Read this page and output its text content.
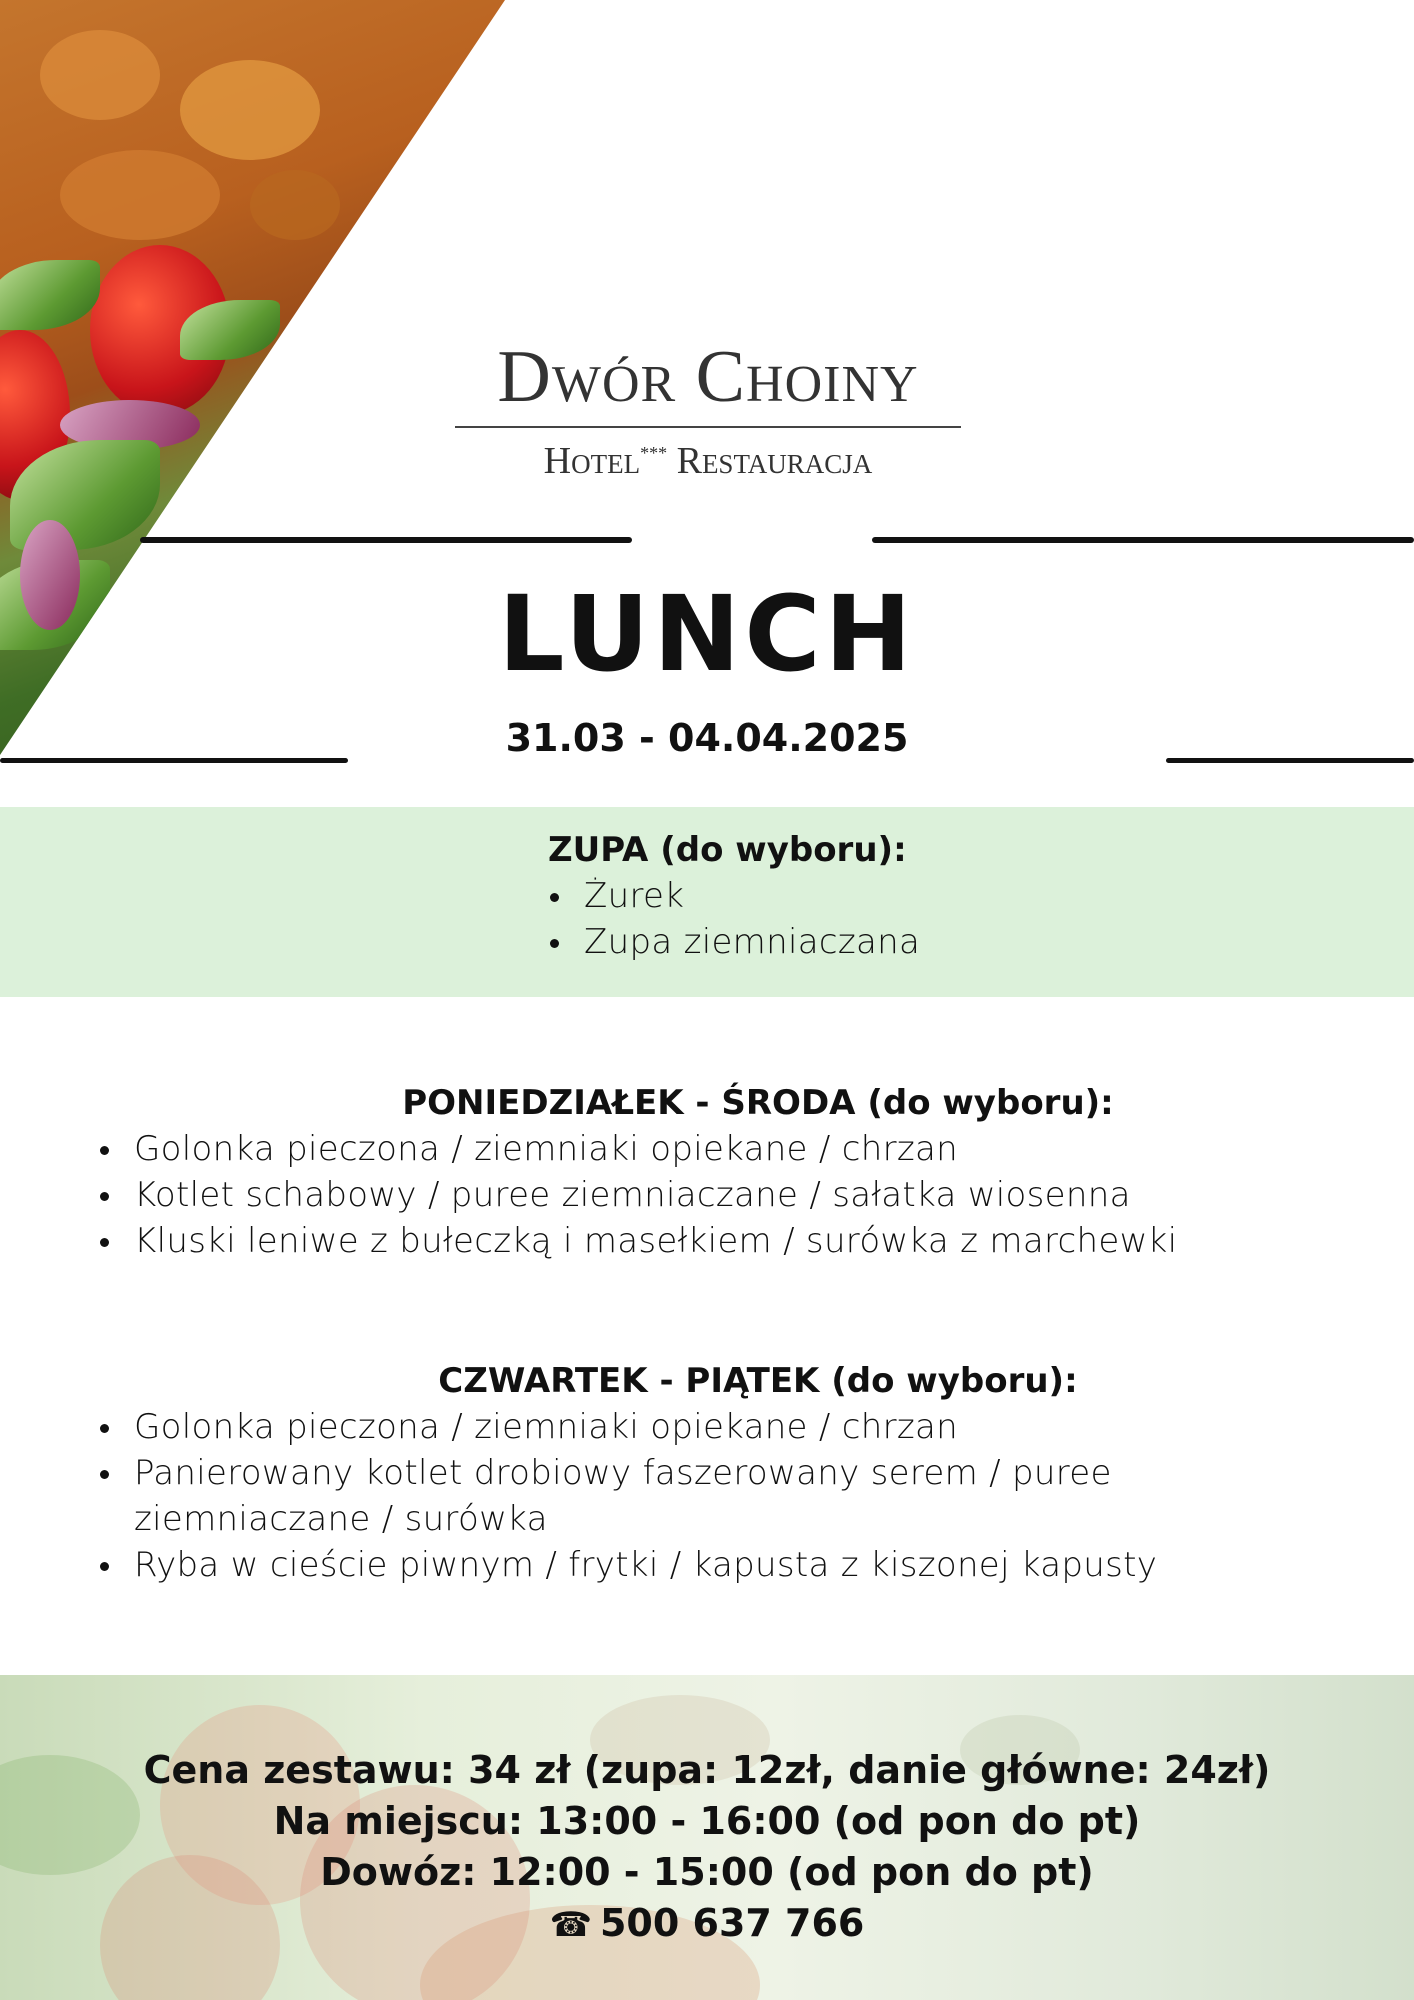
Dwór Choiny
Hotel*** Restauracja
LUNCH
31.03 - 04.04.2025
ZUPA (do wyboru):
Żurek
Zupa ziemniaczana
PONIEDZIAŁEK - ŚRODA (do wyboru):
Golonka pieczona / ziemniaki opiekane / chrzan
Kotlet schabowy / puree ziemniaczane / sałatka wiosenna
Kluski leniwe z bułeczką i masełkiem / surówka z marchewki
CZWARTEK - PIĄTEK (do wyboru):
Golonka pieczona / ziemniaki opiekane / chrzan
Panierowany kotlet drobiowy faszerowany serem / puree ziemniaczane / surówka
Ryba w cieście piwnym / frytki / kapusta z kiszonej kapusty
Cena zestawu: 34 zł (zupa: 12zł, danie główne: 24zł)
Na miejscu: 13:00 - 16:00 (od pon do pt)
Dowóz: 12:00 - 15:00 (od pon do pt)
☎ 500 637 766
